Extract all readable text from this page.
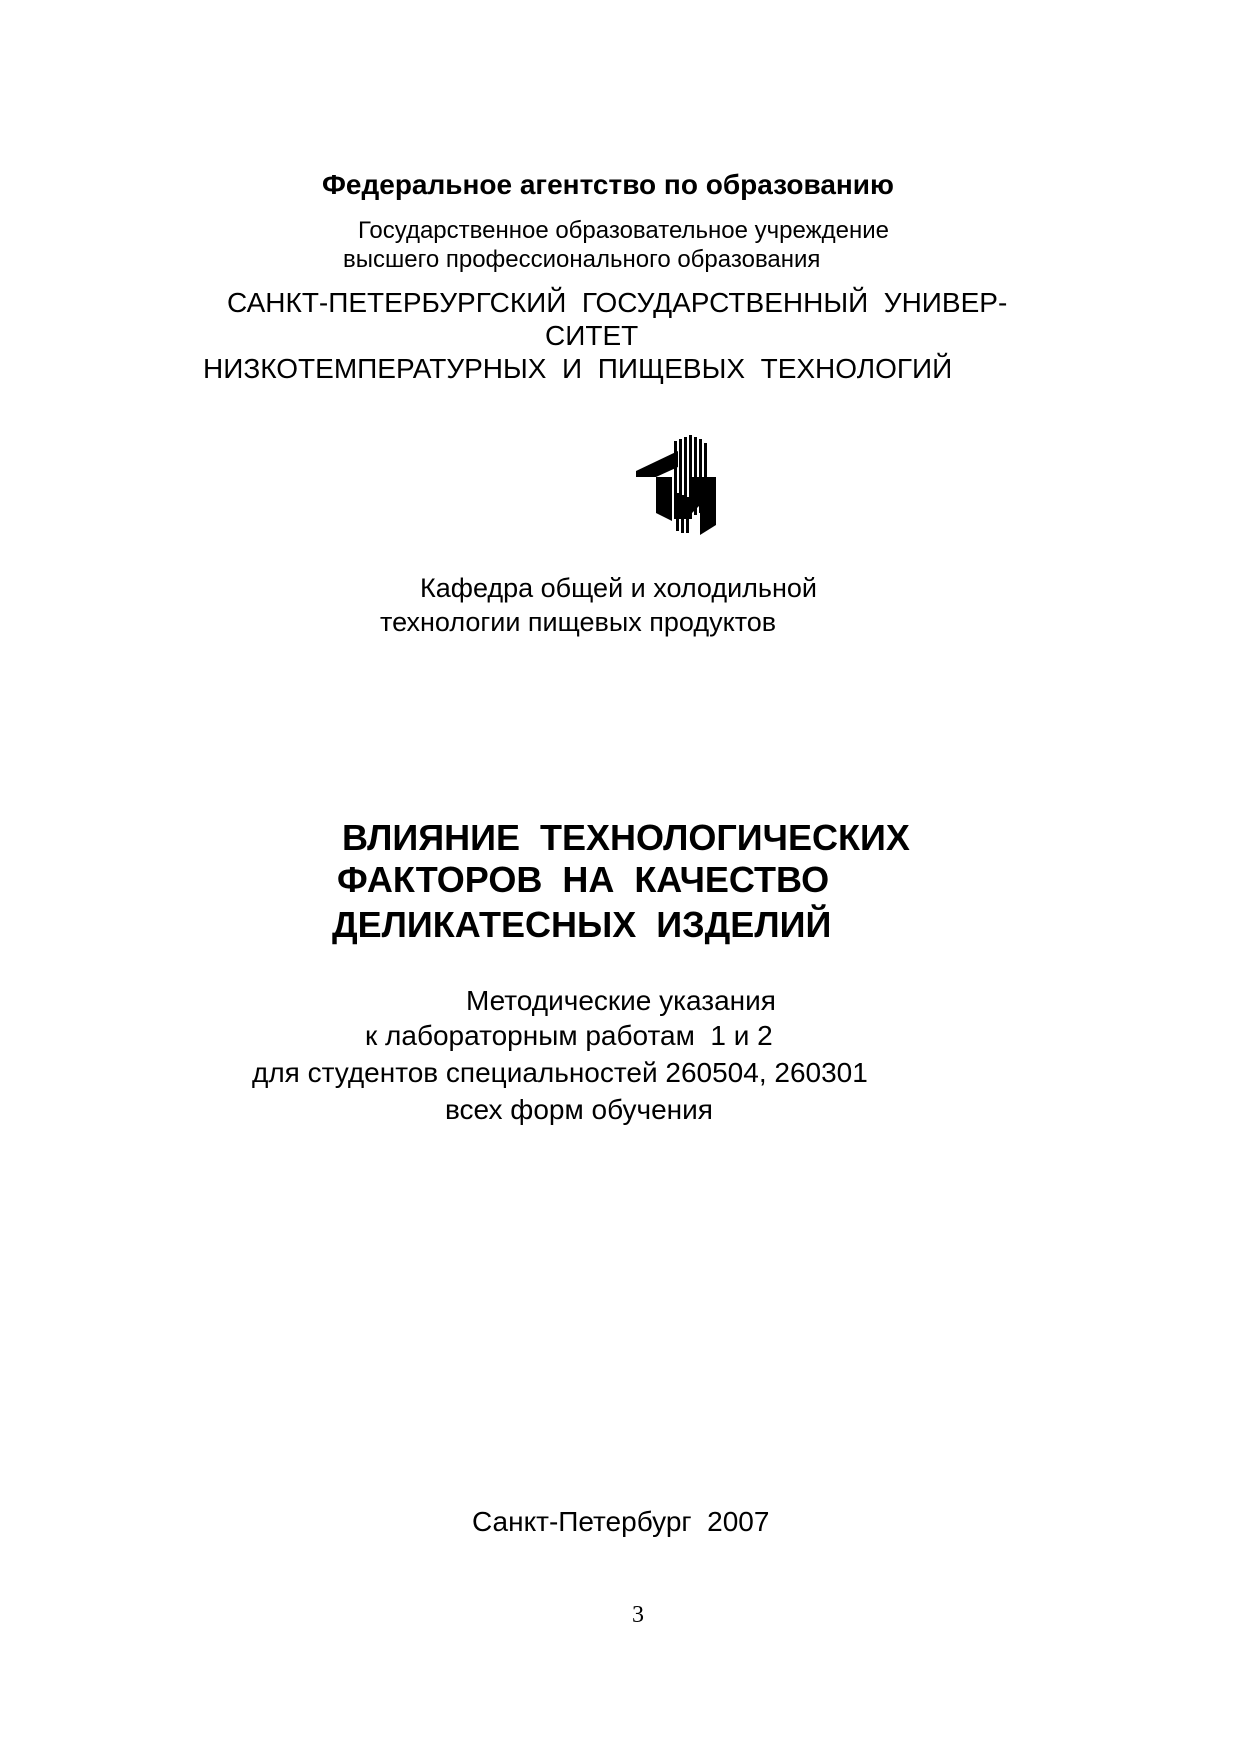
Федеральное агентство по образованию
Государственное образовательное учреждение
высшего профессионального образования
САНКТ-ПЕТЕРБУРГСКИЙ  ГОСУДАРСТВЕННЫЙ  УНИВЕР-
СИТЕТ
НИЗКОТЕМПЕРАТУРНЫХ  И  ПИЩЕВЫХ  ТЕХНОЛОГИЙ
Кафедра общей и холодильной
технологии пищевых продуктов
ВЛИЯНИЕ  ТЕХНОЛОГИЧЕСКИХ
ФАКТОРОВ  НА  КАЧЕСТВО
ДЕЛИКАТЕСНЫХ  ИЗДЕЛИЙ
Методические указания
к лабораторным работам  1 и 2
для студентов специальностей 260504, 260301
всех форм обучения
Санкт-Петербург  2007
3
